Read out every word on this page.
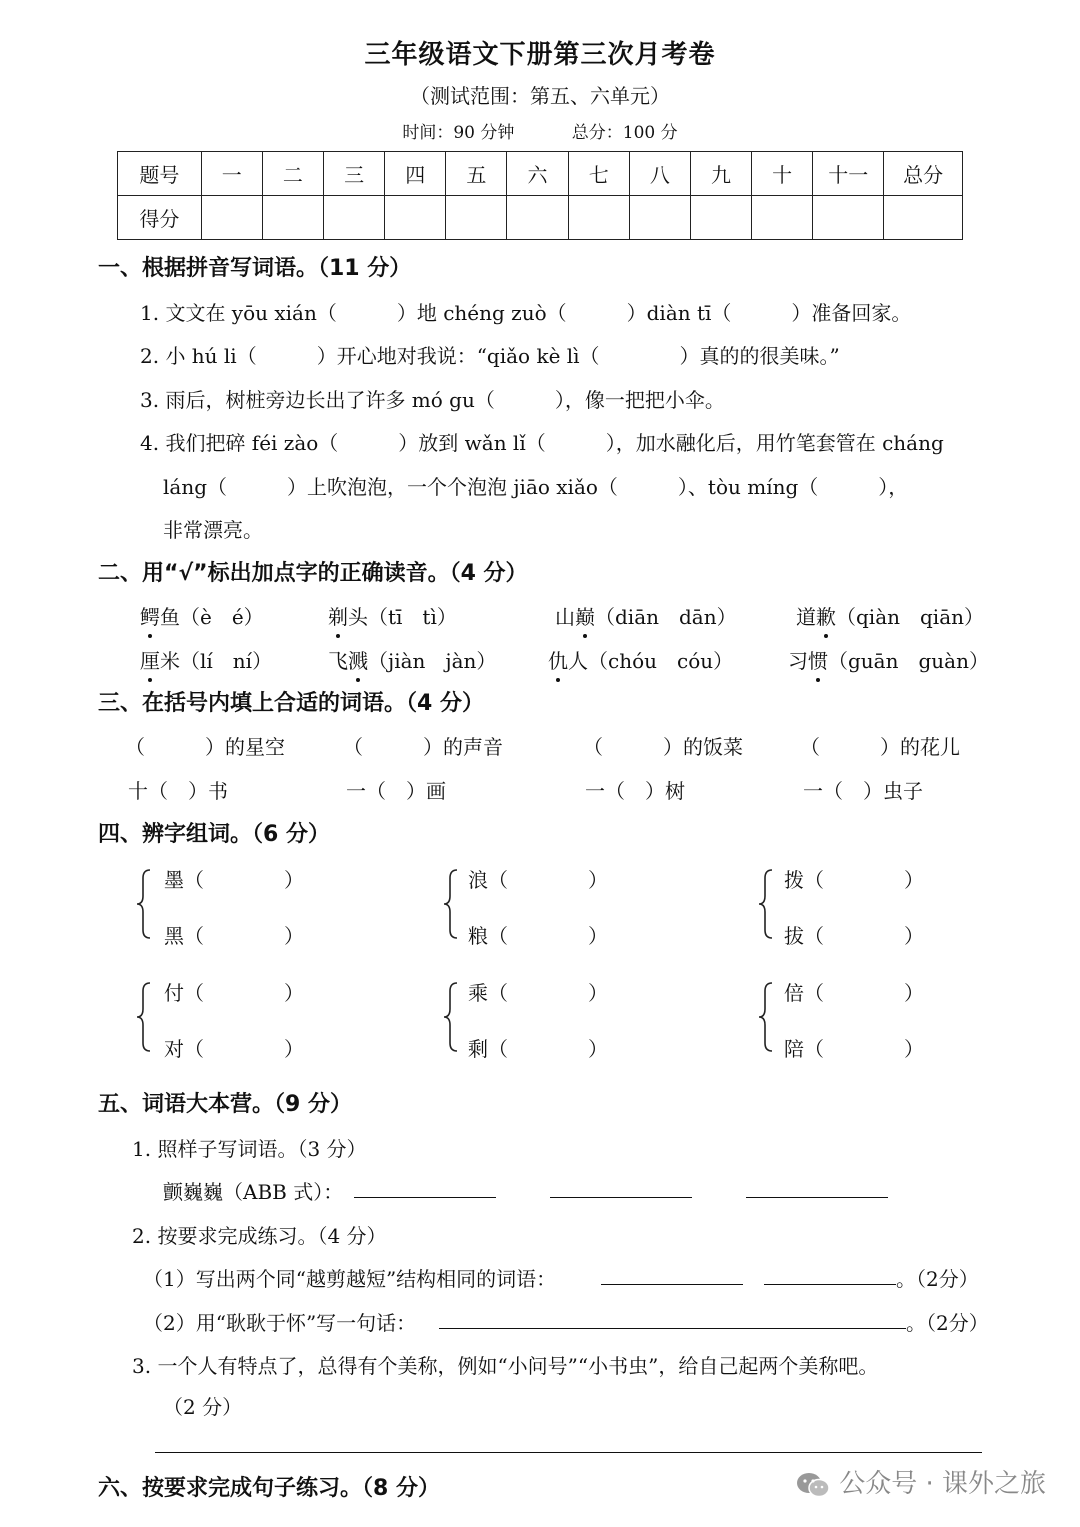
三年级语文下册第三次月考卷
（测试范围：第五、六单元）
时间：90 分钟	总分：100 分
题号	一	二	三	四	五	六	七	八	九	十	十一	总分
得分												
一、根据拼音写词语。（11 分）
1. 文文在 yōu xián（　　　）地 chéng zuò（　　　）diàn tī（　　　）准备回家。
2. 小 hú li（　　　）开心地对我说：“qiǎo kè lì（　　　　）真的的很美味。”
3. 雨后，树桩旁边长出了许多 mó gu（　　　），像一把把小伞。
4. 我们把碎 féi zào（　　　）放到 wǎn lǐ（　　　），加水融化后，用竹笔套管在 cháng
láng（　　　）上吹泡泡，一个个泡泡 jiāo xiǎo（　　　）、tòu míng（　　　），
非常漂亮。
二、用“√”标出加点字的正确读音。（4 分）
鳄鱼（è　é）	剃头（tī　tì）	山巅（diān　dān）	道歉（qiàn　qiān）
厘米（lí　ní）	飞溅（jiàn　jàn）	仇人（chóu　cóu）	习惯（guān　guàn）
三、在括号内填上合适的词语。（4 分）
（　　　）的星空	（　　　）的声音	（　　　）的饭菜	（　　　）的花儿
十（　）书	一（　）画	一（　）树	一（　）虫子
四、辨字组词。（6 分）
墨（　　　　）
黑（　　　　）
浪（　　　　）
粮（　　　　）
拨（　　　　）
拔（　　　　）
付（　　　　）
对（　　　　）
乘（　　　　）
剩（　　　　）
倍（　　　　）
陪（　　　　）
五、词语大本营。（9 分）
1. 照样子写词语。（3 分）
颤巍巍（ABB 式）：
2. 按要求完成练习。（4 分）
（1）写出两个同“越剪越短”结构相同的词语：	。（2分）
（2）用“耿耿于怀”写一句话：	。（2分）
3. 一个人有特点了，总得有个美称，例如“小问号”“小书虫”，给自己起两个美称吧。
（2 分）
六、按要求完成句子练习。（8 分）	公众号 · 课外之旅
